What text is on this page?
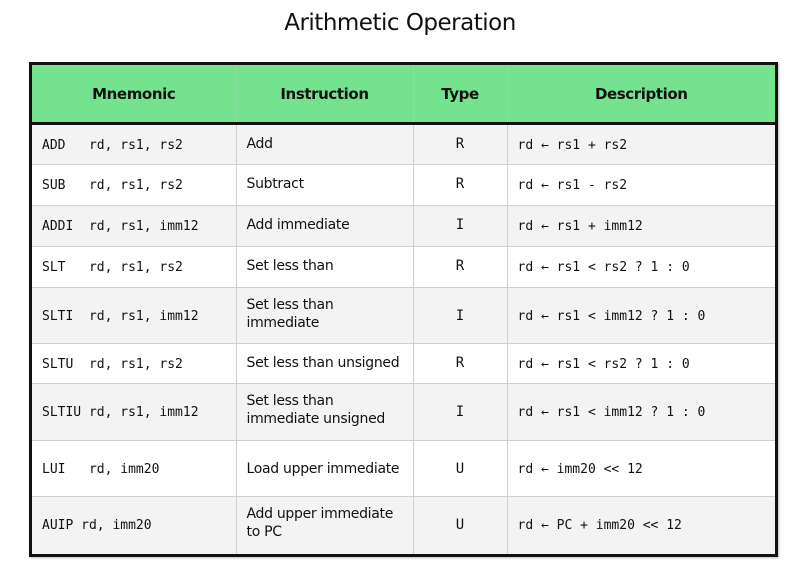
Arithmetic Operation
Mnemonic	Instruction	Type	Description
ADD   rd, rs1, rs2	Add	R	rd ← rs1 + rs2
SUB   rd, rs1, rs2	Subtract	R	rd ← rs1 - rs2
ADDI  rd, rs1, imm12	Add immediate	I	rd ← rs1 + imm12
SLT   rd, rs1, rs2	Set less than	R	rd ← rs1 < rs2 ? 1 : 0
SLTI  rd, rs1, imm12	Set less than immediate	I	rd ← rs1 < imm12 ? 1 : 0
SLTU  rd, rs1, rs2	Set less than unsigned	R	rd ← rs1 < rs2 ? 1 : 0
SLTIU rd, rs1, imm12	Set less than immediate unsigned	I	rd ← rs1 < imm12 ? 1 : 0
LUI   rd, imm20	Load upper immediate	U	rd ← imm20 << 12
AUIP rd, imm20	Add upper immediate to PC	U	rd ← PC + imm20 << 12
